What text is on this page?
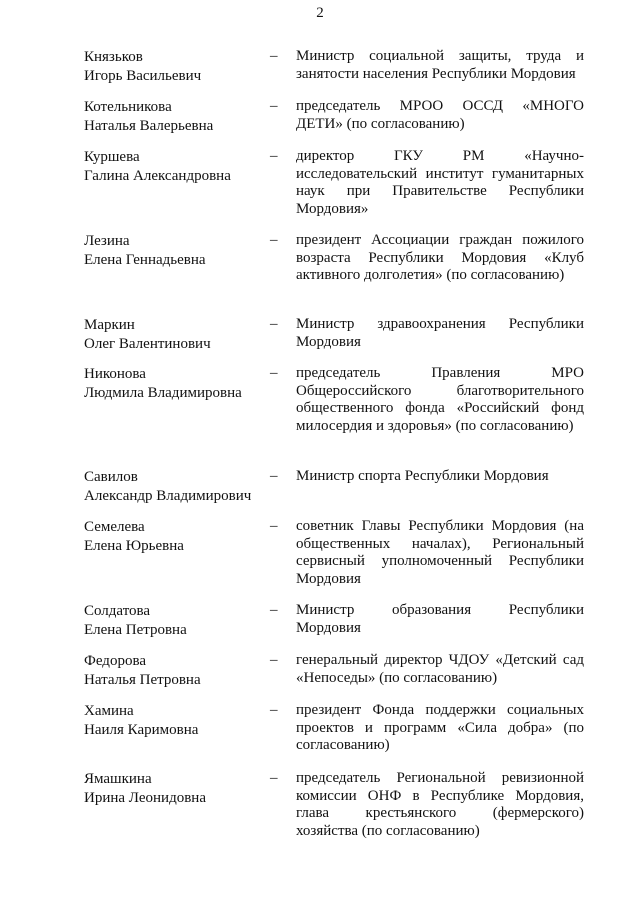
2
Князьков
Игорь Васильевич
– Министр социальной защиты, труда и занятости населения Республики Мордовия
Котельникова
Наталья Валерьевна
– председатель МРОО ОССД «МНОГО ДЕТИ» (по согласованию)
Куршева
Галина Александровна
– директор ГКУ РМ «Научно-исследовательский институт гуманитарных наук при Правительстве Республики Мордовия»
Лезина
Елена Геннадьевна
– президент Ассоциации граждан пожилого возраста Республики Мордовия «Клуб активного долголетия» (по согласованию)
Маркин
Олег Валентинович
– Министр здравоохранения Республики Мордовия
Никонова
Людмила Владимировна
– председатель Правления МРО Общероссийского благотворительного общественного фонда «Российский фонд милосердия и здоровья» (по согласованию)
Савилов
Александр Владимирович
– Министр спорта Республики Мордовия
Семелева
Елена Юрьевна
– советник Главы Республики Мордовия (на общественных началах), Региональный сервисный уполномоченный Республики Мордовия
Солдатова
Елена Петровна
– Министр образования Республики Мордовия
Федорова
Наталья Петровна
– генеральный директор ЧДОУ «Детский сад «Непоседы» (по согласованию)
Хамина
Наиля Каримовна
– президент Фонда поддержки социальных проектов и программ «Сила добра» (по согласованию)
Ямашкина
Ирина Леонидовна
– председатель Региональной ревизионной комиссии ОНФ в Республике Мордовия, глава крестьянского (фермерского) хозяйства (по согласованию)
